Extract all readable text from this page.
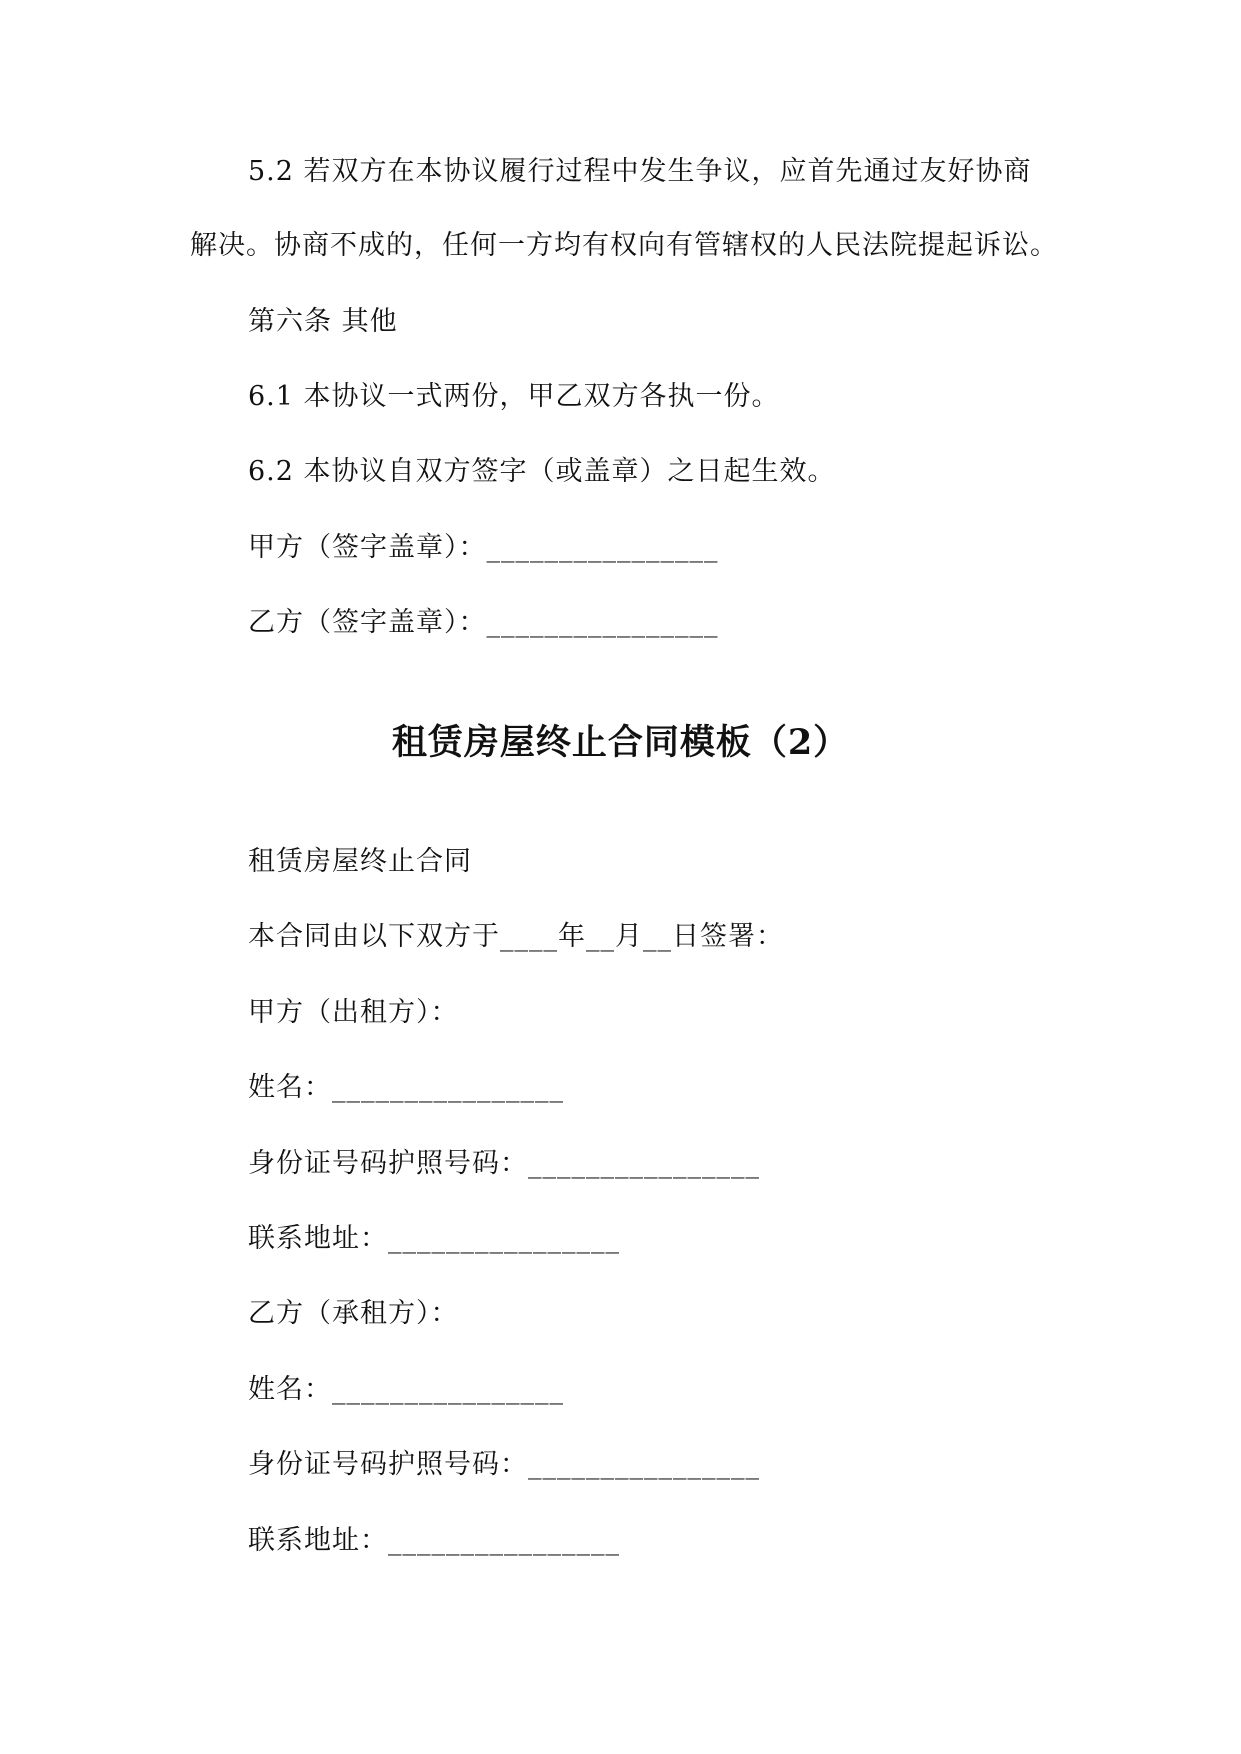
5.2 若双方在本协议履行过程中发生争议，应首先通过友好协商
解决。协商不成的，任何一方均有权向有管辖权的人民法院提起诉讼。
第六条 其他
6.1 本协议一式两份，甲乙双方各执一份。
6.2 本协议自双方签字（或盖章）之日起生效。
甲方（签字盖章）：________________
乙方（签字盖章）：________________
租赁房屋终止合同模板（2）
租赁房屋终止合同
本合同由以下双方于____年__月__日签署：
甲方（出租方）：
姓名：________________
身份证号码护照号码：________________
联系地址：________________
乙方（承租方）：
姓名：________________
身份证号码护照号码：________________
联系地址：________________
